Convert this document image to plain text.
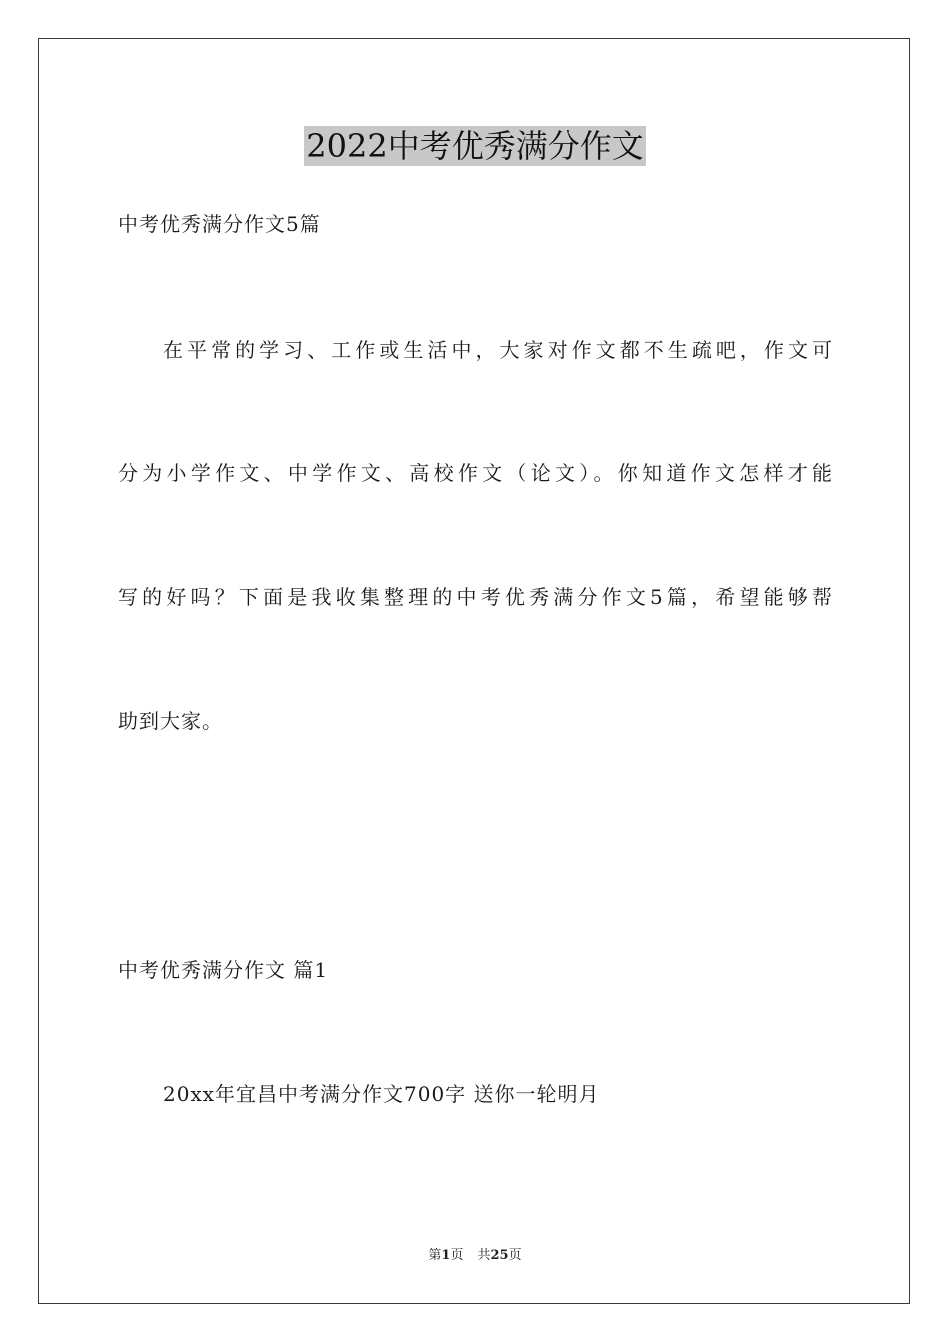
2022中考优秀满分作文
中考优秀满分作文5篇
在平常的学习、工作或生活中，大家对作文都不生疏吧，作文可
分为小学作文、中学作文、高校作文（论文）。你知道作文怎样才能
写的好吗？下面是我收集整理的中考优秀满分作文5篇，希望能够帮
助到大家。
中考优秀满分作文 篇1
20xx年宜昌中考满分作文700字 送你一轮明月
第1页 共25页
